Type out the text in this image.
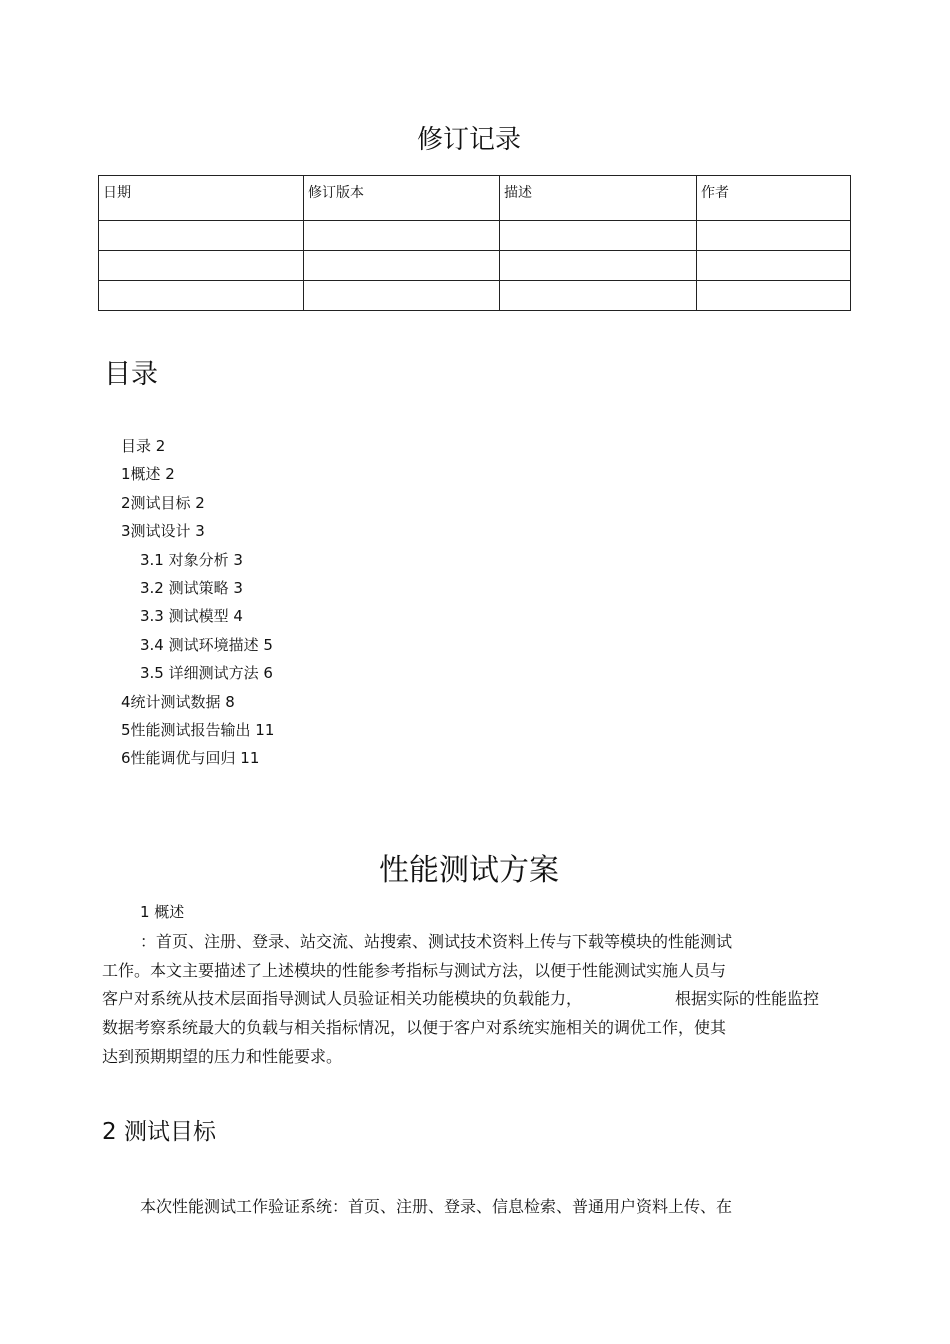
修订记录
日期	修订版本	描述	作者

目录
目录 2
1概述 2
2测试目标 2
3测试设计 3
3.1 对象分析 3
3.2 测试策略 3
3.3 测试模型 4
3.4 测试环境描述 5
3.5 详细测试方法 6
4统计测试数据 8
5性能测试报告输出 11
6性能调优与回归 11
性能测试方案
1 概述
：首页、注册、登录、站交流、站搜索、测试技术资料上传与下载等模块的性能测试
工作。本文主要描述了上述模块的性能参考指标与测试方法，以便于性能测试实施人员与
客户对系统从技术层面指导测试人员验证相关功能模块的负载能力，	根据实际的性能监控
数据考察系统最大的负载与相关指标情况，以便于客户对系统实施相关的调优工作，使其
达到预期期望的压力和性能要求。
2 测试目标
本次性能测试工作验证系统：首页、注册、登录、信息检索、普通用户资料上传、在
